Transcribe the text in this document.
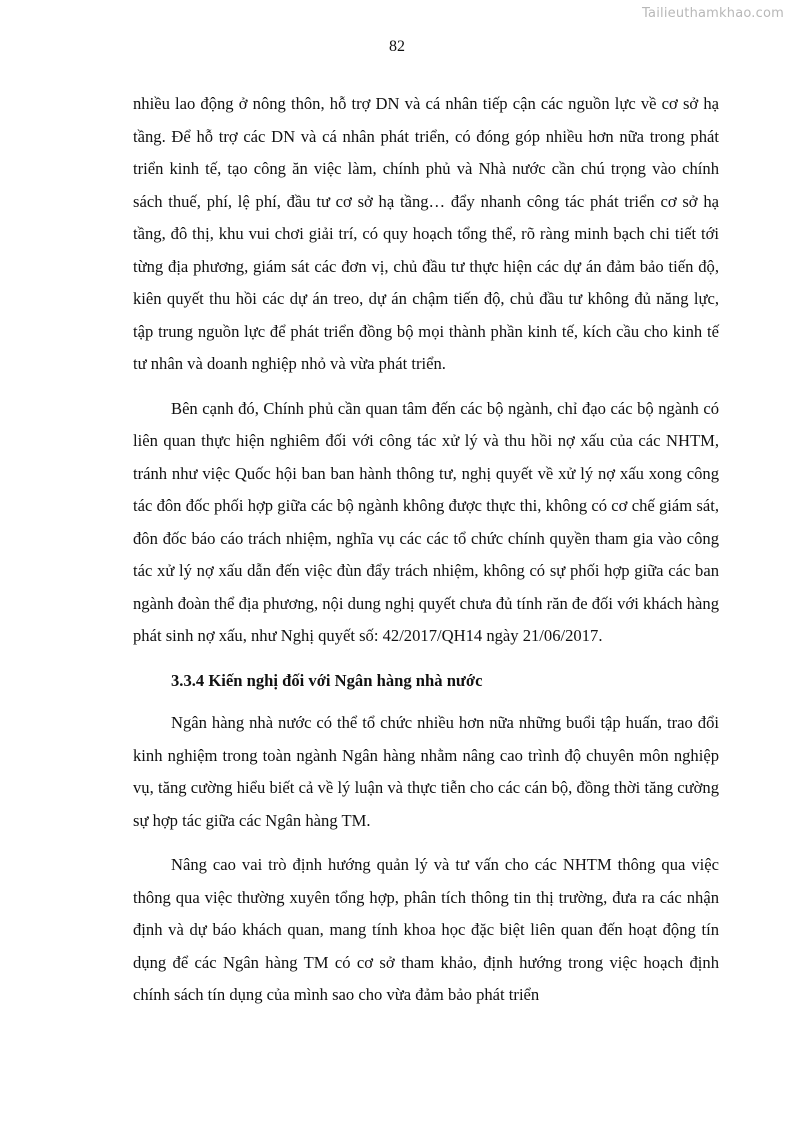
Tailieuthamkhao.com
82

nhiều lao động ở nông thôn, hỗ trợ DN và cá nhân tiếp cận các nguồn lực về cơ sở hạ tầng. Để hỗ trợ các DN và cá nhân phát triển, có đóng góp nhiều hơn nữa trong phát triển kinh tế, tạo công ăn việc làm, chính phủ và Nhà nước cần chú trọng vào chính sách thuế, phí, lệ phí, đầu tư cơ sở hạ tầng… đẩy nhanh công tác phát triển cơ sở hạ tầng, đô thị, khu vui chơi giải trí, có quy hoạch tổng thể, rõ ràng minh bạch chi tiết tới từng địa phương, giám sát các đơn vị, chủ đầu tư thực hiện các dự án đảm bảo tiến độ, kiên quyết thu hồi các dự án treo, dự án chậm tiến độ, chủ đầu tư không đủ năng lực, tập trung nguồn lực để phát triển đồng bộ mọi thành phần kinh tế, kích cầu cho kinh tế tư nhân và doanh nghiệp nhỏ và vừa phát triển.

Bên cạnh đó, Chính phủ cần quan tâm đến các bộ ngành, chỉ đạo các bộ ngành có liên quan thực hiện nghiêm đối với công tác xử lý và thu hồi nợ xấu của các NHTM, tránh như việc Quốc hội ban ban hành thông tư, nghị quyết về xử lý nợ xấu xong công tác đôn đốc phối hợp giữa các bộ ngành không được thực thi, không có cơ chế giám sát, đôn đốc báo cáo trách nhiệm, nghĩa vụ các các tổ chức chính quyền tham gia vào công tác xử lý nợ xấu dẫn đến việc đùn đẩy trách nhiệm, không có sự phối hợp giữa các ban ngành đoàn thể địa phương, nội dung nghị quyết chưa đủ tính răn đe đối với khách hàng phát sinh nợ xấu, như Nghị quyết số: 42/2017/QH14 ngày 21/06/2017.

3.3.4 Kiến nghị đối với Ngân hàng nhà nước

Ngân hàng nhà nước có thể tổ chức nhiều hơn nữa những buổi tập huấn, trao đổi kinh nghiệm trong toàn ngành Ngân hàng nhằm nâng cao trình độ chuyên môn nghiệp vụ, tăng cường hiểu biết cả về lý luận và thực tiễn cho các cán bộ, đồng thời tăng cường sự hợp tác giữa các Ngân hàng TM.

Nâng cao vai trò định hướng quản lý và tư vấn cho các NHTM thông qua việc thông qua việc thường xuyên tổng hợp, phân tích thông tin thị trường, đưa ra các nhận định và dự báo khách quan, mang tính khoa học đặc biệt liên quan đến hoạt động tín dụng để các Ngân hàng TM có cơ sở tham khảo, định hướng trong việc hoạch định chính sách tín dụng của mình sao cho vừa đảm bảo phát triển
